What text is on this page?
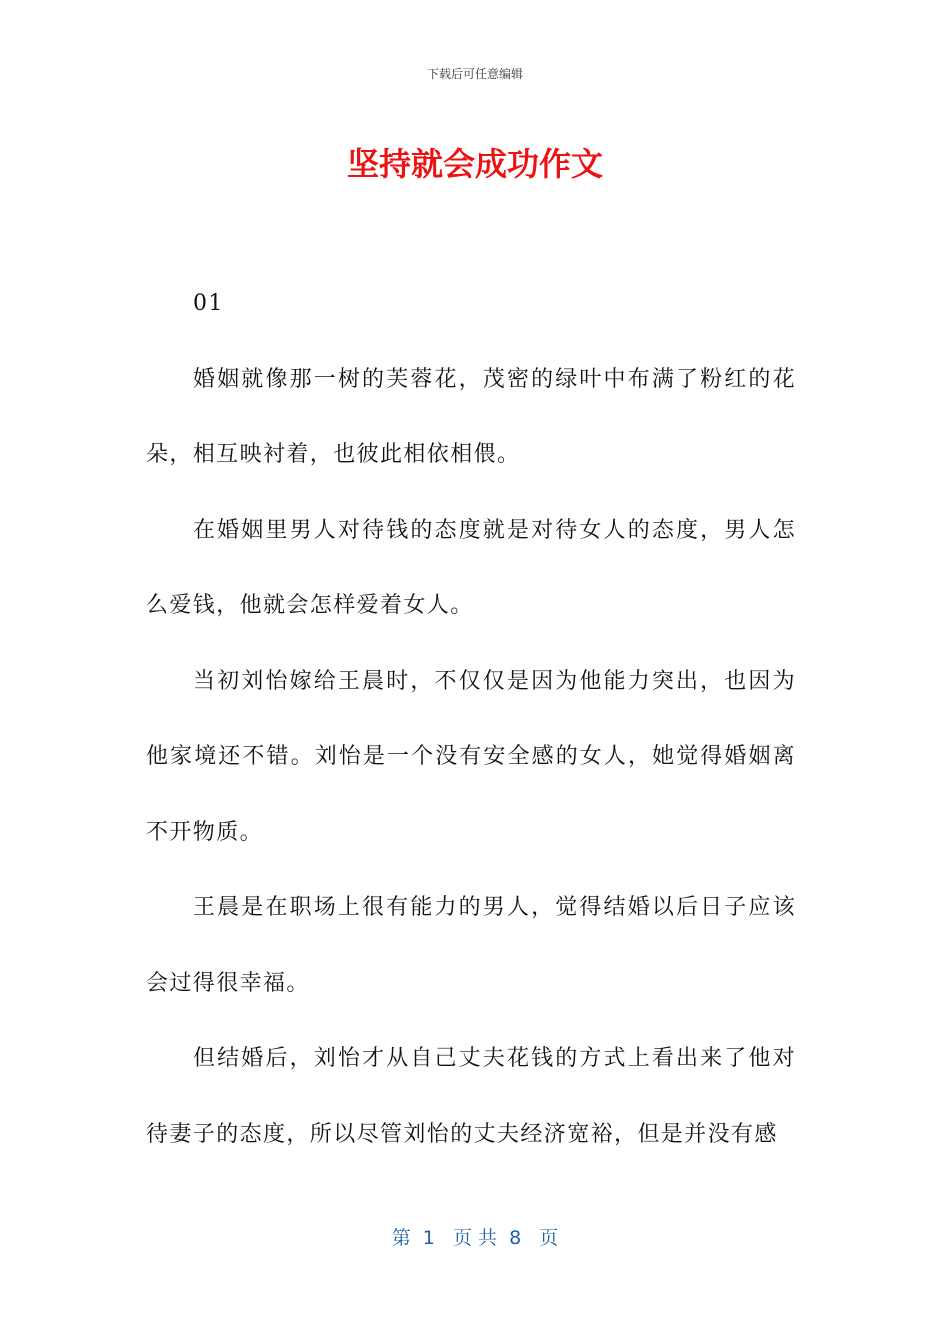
下载后可任意编辑
坚持就会成功作文

01

婚姻就像那一树的芙蓉花，茂密的绿叶中布满了粉红的花朵，相互映衬着，也彼此相依相偎。

在婚姻里男人对待钱的态度就是对待女人的态度，男人怎么爱钱，他就会怎样爱着女人。

当初刘怡嫁给王晨时，不仅仅是因为他能力突出，也因为他家境还不错。刘怡是一个没有安全感的女人，她觉得婚姻离不开物质。

王晨是在职场上很有能力的男人，觉得结婚以后日子应该会过得很幸福。

但结婚后，刘怡才从自己丈夫花钱的方式上看出来了他对待妻子的态度，所以尽管刘怡的丈夫经济宽裕，但是并没有感

第  1   页 共  8   页
